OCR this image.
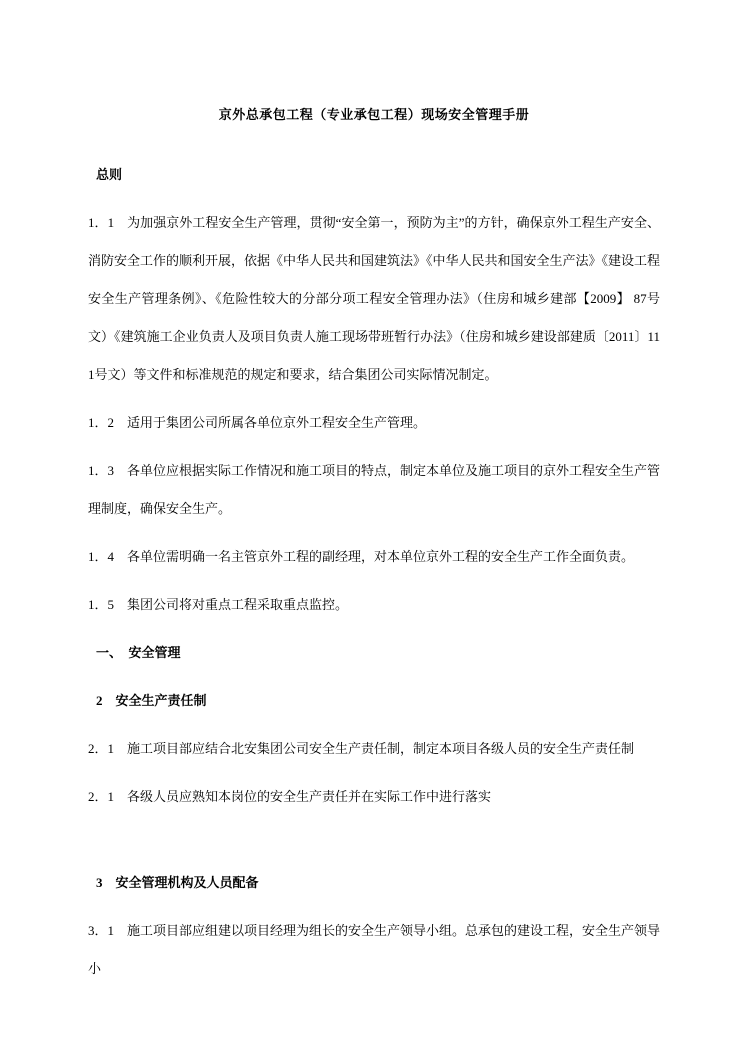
京外总承包工程（专业承包工程）现场安全管理手册
总则
1．1　为加强京外工程安全生产管理，贯彻“安全第一，预防为主”的方针，确保京外工程生产安全、消防安全工作的顺利开展，依据《中华人民共和国建筑法》《中华人民共和国安全生产法》《建设工程安全生产管理条例》、《危险性较大的分部分项工程安全管理办法》（住房和城乡建部【2009】 87号文）《建筑施工企业负责人及项目负责人施工现场带班暂行办法》（住房和城乡建设部建质〔2011〕111号文）等文件和标准规范的规定和要求，结合集团公司实际情况制定。
1．2　适用于集团公司所属各单位京外工程安全生产管理。
1．3　各单位应根据实际工作情况和施工项目的特点，制定本单位及施工项目的京外工程安全生产管理制度，确保安全生产。
1．4　各单位需明确一名主管京外工程的副经理，对本单位京外工程的安全生产工作全面负责。
1．5　集团公司将对重点工程采取重点监控。
一、　安全管理
2　安全生产责任制
2．1　施工项目部应结合北安集团公司安全生产责任制，制定本项目各级人员的安全生产责任制
2．1　各级人员应熟知本岗位的安全生产责任并在实际工作中进行落实
3　安全管理机构及人员配备
3．1　施工项目部应组建以项目经理为组长的安全生产领导小组。总承包的建设工程，安全生产领导小
